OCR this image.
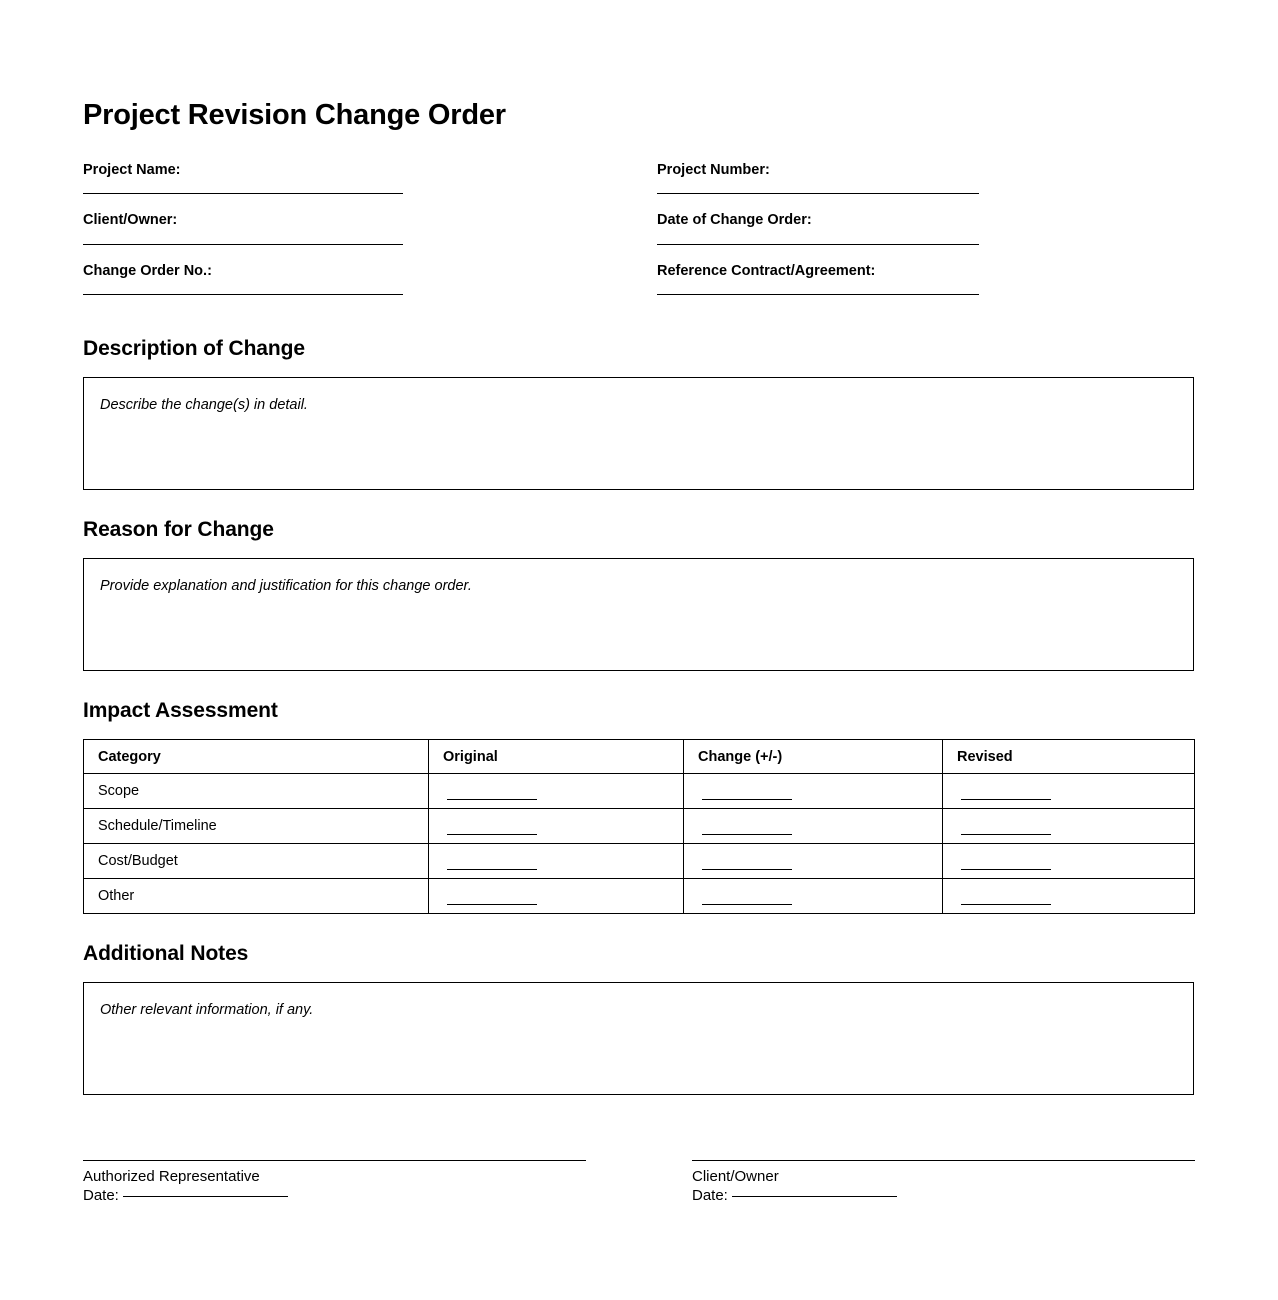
Project Revision Change Order
Project Name:
Client/Owner:
Change Order No.:
Project Number:
Date of Change Order:
Reference Contract/Agreement:
Description of Change
Describe the change(s) in detail.
Reason for Change
Provide explanation and justification for this change order.
Impact Assessment
Category	Original	Change (+/-)	Revised
Scope	

Schedule/Timeline	

Cost/Budget	

Other	

Additional Notes
Other relevant information, if any.
Authorized Representative
Date:
Client/Owner
Date:
